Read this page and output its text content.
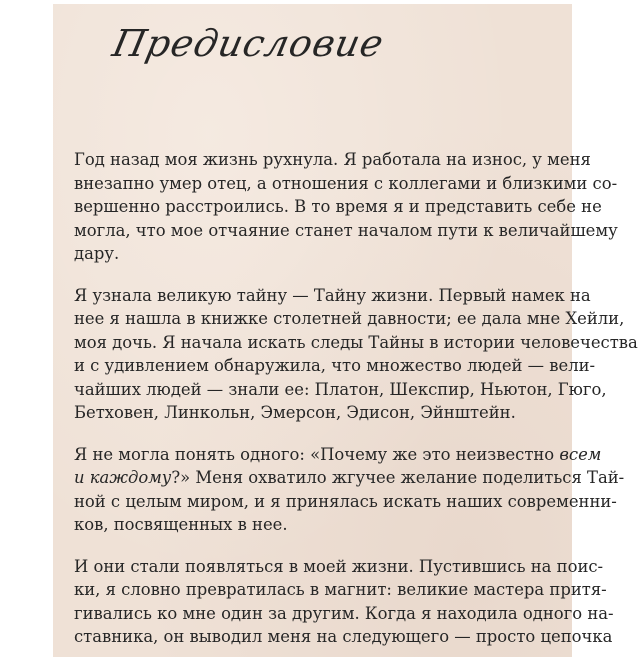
Предисловие
Год назад моя жизнь рухнула. Я работала на износ, у меня
внезапно умер отец, а отношения с коллегами и близкими со-
вершенно расстроились. В то время я и представить себе не
могла, что мое отчаяние станет началом пути к величайшему
дару.
Я узнала великую тайну — Тайну жизни. Первый намек на
нее я нашла в книжке столетней давности; ее дала мне Хейли,
моя дочь. Я начала искать следы Тайны в истории человечества
и с удивлением обнаружила, что множество людей — вели-
чайших людей — знали ее: Платон, Шекспир, Ньютон, Гюго,
Бетховен, Линкольн, Эмерсон, Эдисон, Эйнштейн.
Я не могла понять одного: «Почему же это неизвестно всем
и каждому?» Меня охватило жгучее желание поделиться Тай-
ной с целым миром, и я принялась искать наших современни-
ков, посвященных в нее.
И они стали появляться в моей жизни. Пустившись на поис-
ки, я словно превратилась в магнит: великие мастера притя-
гивались ко мне один за другим. Когда я находила одного на-
ставника, он выводил меня на следующего — просто цепочка
